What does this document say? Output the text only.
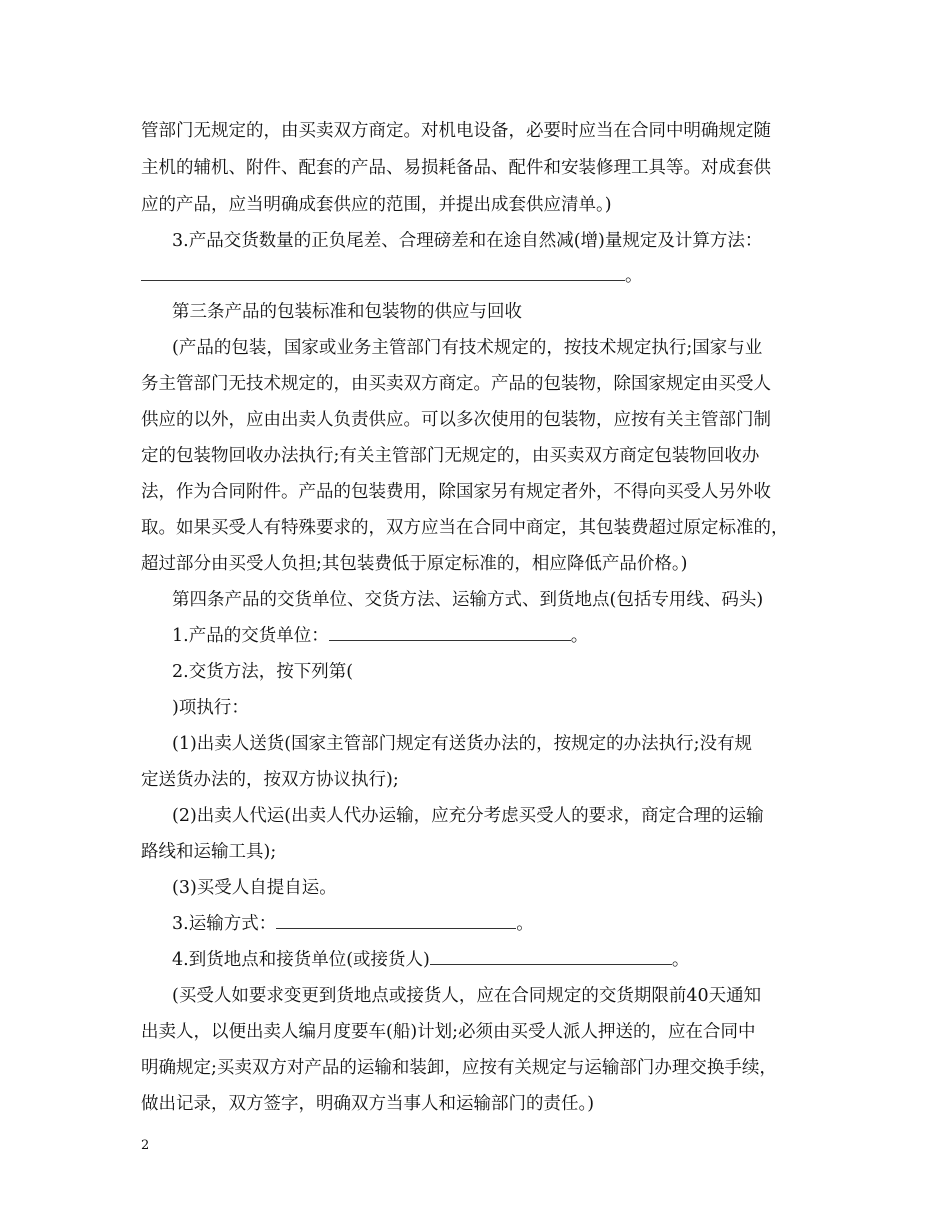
管部门无规定的，由买卖双方商定。对机电设备，必要时应当在合同中明确规定随
主机的辅机、附件、配套的产品、易损耗备品、配件和安装修理工具等。对成套供
应的产品，应当明确成套供应的范围，并提出成套供应清单。)
3.产品交货数量的正负尾差、合理磅差和在途自然减(增)量规定及计算方法：
。
第三条产品的包装标准和包装物的供应与回收
(产品的包装，国家或业务主管部门有技术规定的，按技术规定执行;国家与业
务主管部门无技术规定的，由买卖双方商定。产品的包装物，除国家规定由买受人
供应的以外，应由出卖人负责供应。可以多次使用的包装物，应按有关主管部门制
定的包装物回收办法执行;有关主管部门无规定的，由买卖双方商定包装物回收办
法，作为合同附件。产品的包装费用，除国家另有规定者外，不得向买受人另外收
取。如果买受人有特殊要求的，双方应当在合同中商定，其包装费超过原定标准的，
超过部分由买受人负担;其包装费低于原定标准的，相应降低产品价格。)
第四条产品的交货单位、交货方法、运输方式、到货地点(包括专用线、码头)
1.产品的交货单位：	。
2.交货方法，按下列第(
)项执行：
(1)出卖人送货(国家主管部门规定有送货办法的，按规定的办法执行;没有规
定送货办法的，按双方协议执行);
(2)出卖人代运(出卖人代办运输，应充分考虑买受人的要求，商定合理的运输
路线和运输工具);
(3)买受人自提自运。
3.运输方式：	。
4.到货地点和接货单位(或接货人)	。
(买受人如要求变更到货地点或接货人，应在合同规定的交货期限前40天通知
出卖人，以便出卖人编月度要车(船)计划;必须由买受人派人押送的，应在合同中
明确规定;买卖双方对产品的运输和装卸，应按有关规定与运输部门办理交换手续，
做出记录，双方签字，明确双方当事人和运输部门的责任。)
2
